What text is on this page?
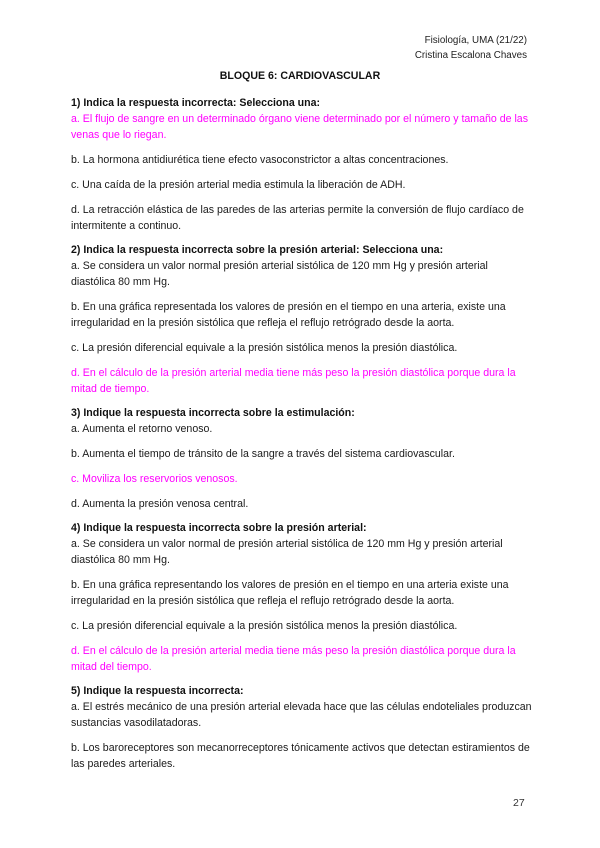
Fisiología, UMA (21/22)
Cristina Escalona Chaves
BLOQUE 6: CARDIOVASCULAR
1) Indica la respuesta incorrecta: Selecciona una:
a. El flujo de sangre en un determinado órgano viene determinado por el número y tamaño de las venas que lo riegan.
b. La hormona antidiurética tiene efecto vasoconstrictor a altas concentraciones.
c. Una caída de la presión arterial media estimula la liberación de ADH.
d. La retracción elástica de las paredes de las arterias permite la conversión de flujo cardíaco de intermitente a continuo.
2) Indica la respuesta incorrecta sobre la presión arterial: Selecciona una:
a. Se considera un valor normal presión arterial sistólica de 120 mm Hg y presión arterial diastólica 80 mm Hg.
b. En una gráfica representada los valores de presión en el tiempo en una arteria, existe una irregularidad en la presión sistólica que refleja el reflujo retrógrado desde la aorta.
c. La presión diferencial equivale a la presión sistólica menos la presión diastólica.
d. En el cálculo de la presión arterial media tiene más peso la presión diastólica porque dura la mitad de tiempo.
3) Indique la respuesta incorrecta sobre la estimulación:
a. Aumenta el retorno venoso.
b. Aumenta el tiempo de tránsito de la sangre a través del sistema cardiovascular.
c. Moviliza los reservorios venosos.
d. Aumenta la presión venosa central.
4) Indique la respuesta incorrecta sobre la presión arterial:
a. Se considera un valor normal de presión arterial sistólica de 120 mm Hg y presión arterial diastólica 80 mm Hg.
b. En una gráfica representando los valores de presión en el tiempo en una arteria existe una irregularidad en la presión sistólica que refleja el reflujo retrógrado desde la aorta.
c. La presión diferencial equivale a la presión sistólica menos la presión diastólica.
d. En el cálculo de la presión arterial media tiene más peso la presión diastólica porque dura la mitad del tiempo.
5) Indique la respuesta incorrecta:
a. El estrés mecánico de una presión arterial elevada hace que las células endoteliales produzcan sustancias vasodilatadoras.
b. Los baroreceptores son mecanorreceptores tónicamente activos que detectan estiramientos de las paredes arteriales.
27
